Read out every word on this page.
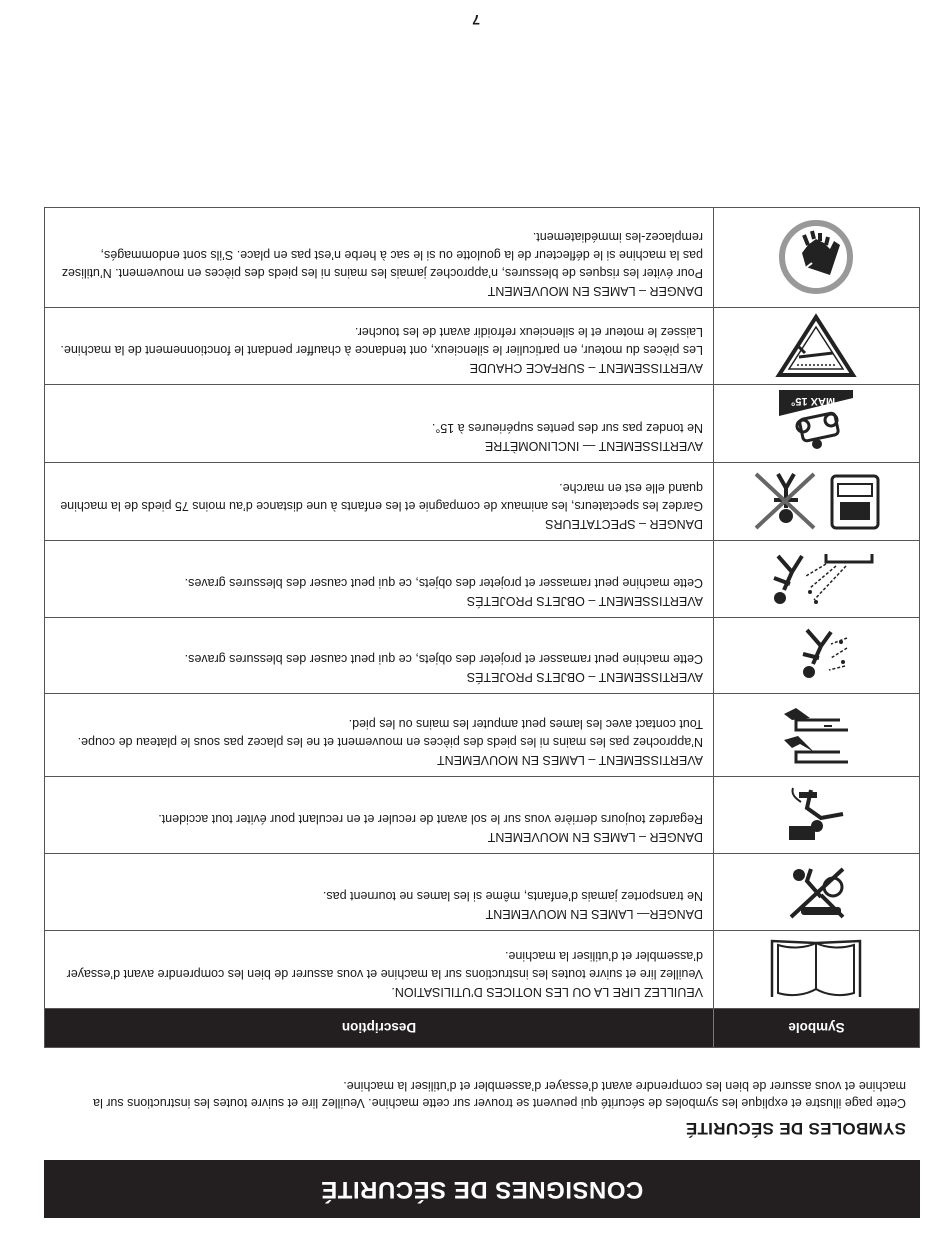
CONSIGNES DE SÉCURITÉ
SYMBOLES DE SÉCURITÉ
Cette page illustre et explique les symboles de sécurité qui peuvent se trouver sur cette machine. Veuillez lire et suivre toutes les instructions sur la machine et vous assurer de bien les comprendre avant d’essayer d’assembler et d’utiliser la machine.
Symbole
Description
VEUILLEZ LIRE LA OU LES NOTICES D’UTILISATION.
Veuillez lire et suivre toutes les instructions sur la machine et vous assurer de bien les comprendre avant d’essayer d’assembler et d’utiliser la machine.
DANGER— LAMES EN MOUVEMENT
Ne transportez jamais d’enfants, même si les lames ne tournent pas.
DANGER – LAMES EN MOUVEMENT
Regardez toujours derrière vous sur le sol avant de reculer et en reculant pour éviter tout accident.
AVERTISSEMENT – LAMES EN MOUVEMENT
N’approchez pas les mains ni les pieds des pièces en mouvement et ne les placez pas sous le plateau de coupe. Tout contact avec les lames peut amputer les mains ou les pied.
AVERTISSEMENT – OBJETS PROJETÉS
Cette machine peut ramasser et projeter des objets, ce qui peut causer des blessures graves.
AVERTISSEMENT – OBJETS PROJETÉS
Cette machine peut ramasser et projeter des objets, ce qui peut causer des blessures graves.
DANGER – SPECTATEURS
Gardez les spectateurs, les animaux de compagnie et les enfants à une distance d’au moins 75 pieds de la machine quand elle est en marche.
MAX 15°
AVERTISSEMENT — INCLINOMÈTRE
Ne tondez pas sur des pentes supérieures à 15°.
AVERTISSEMENT – SURFACE CHAUDE
Les pièces du moteur, en particulier le silencieux, ont tendance à chauffer pendant le fonctionnement de la machine. Laissez le moteur et le silencieux refroidir avant de les toucher.
DANGER – LAMES EN MOUVEMENT
Pour éviter les risques de blessures, n’approchez jamais les mains ni les pieds des pièces en mouvement. N’utilisez pas la machine si le déflecteur de la goulotte ou si le sac à herbe n’est pas en place. S’ils sont endommagés, remplacez-les immédiatement.
7
